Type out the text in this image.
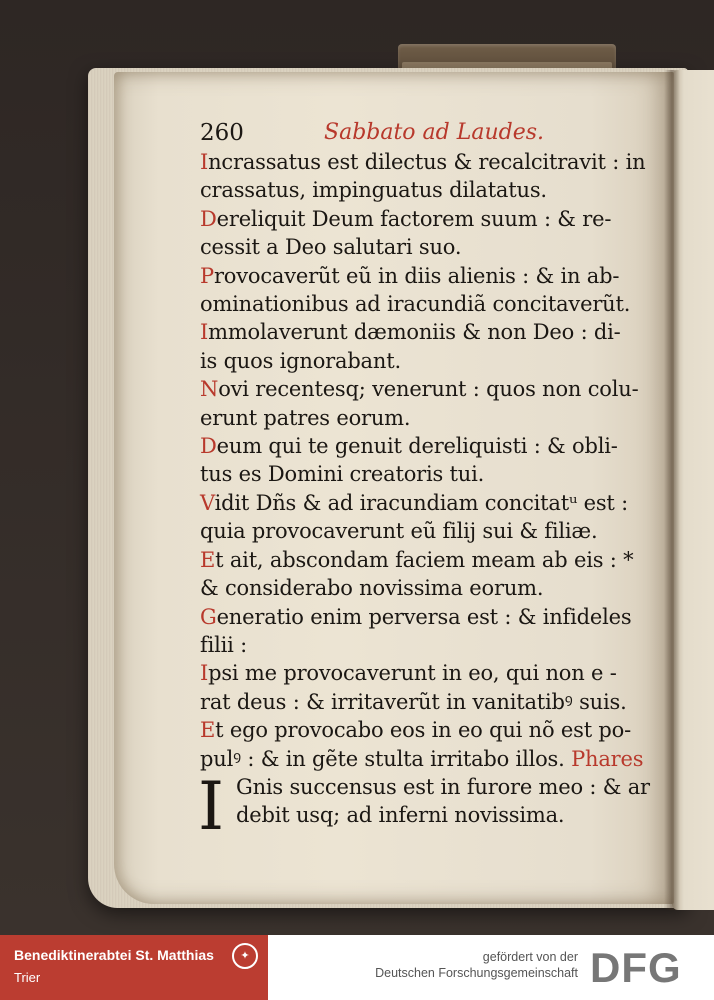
260	Sabbato ad Laudes.
Incrassatus est dilectus & recalcitravit : in
crassatus, impinguatus dilatatus.
Dereliquit Deum factorem suum : & re-
cessit a Deo salutari suo.
Provocaverũt eũ in diis alienis : & in ab-
ominationibus ad iracundiã concitaverũt.
Immolaverunt dæmoniis & non Deo : di-
is quos ignorabant.
Novi recentesq; venerunt : quos non colu-
erunt patres eorum.
Deum qui te genuit dereliquisti : & obli-
tus es Domini creatoris tui.
Vidit Dñs & ad iracundiam concitatᵘ est :
quia provocaverunt eũ filij sui & filiæ.
Et ait, abscondam faciem meam ab eis : *
& considerabo novissima eorum.
Generatio enim perversa est : & infideles
filii :
Ipsi me provocaverunt in eo, qui non e -
rat deus : & irritaverũt in vanitatibꝰ suis.
Et ego provocabo eos in eo qui nõ est po-
pulꝰ : & in gẽte stulta irritabo illos. Phares
I Gnis succensus est in furore meo : & ar
debit usq; ad inferni novissima.
Benediktinerabtei St. Matthias
Trier
✦	gefördert von der
Deutschen Forschungsgemeinschaft DFG
